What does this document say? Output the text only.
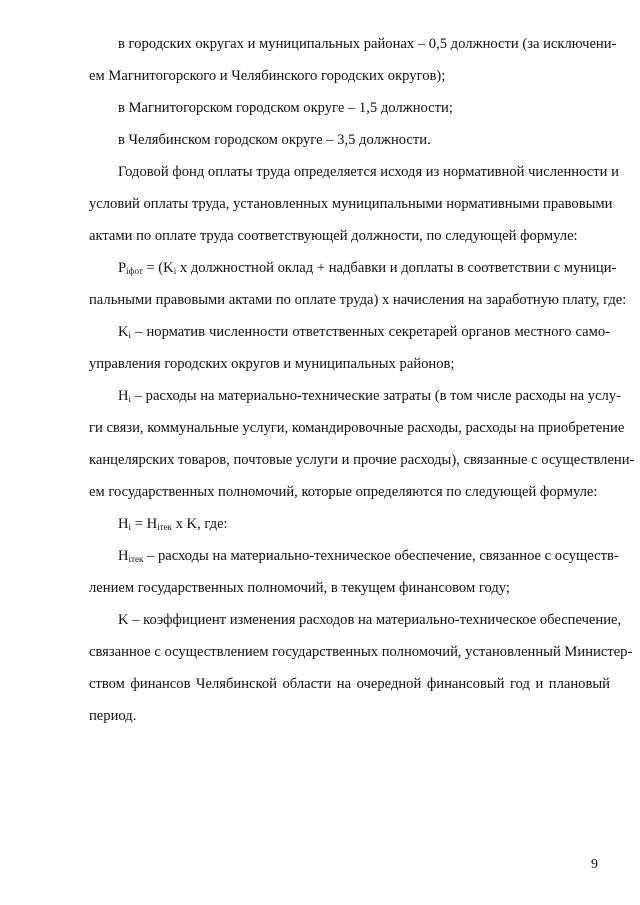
в городских округах и муниципальных районах – 0,5 должности (за исключени-
ем Магнитогорского и Челябинского городских округов);
в Магнитогорском городском округе – 1,5 должности;
в Челябинском городском округе – 3,5 должности.
Годовой фонд оплаты труда определяется исходя из нормативной численности и
условий оплаты труда, установленных муниципальными нормативными правовыми
актами по оплате труда соответствующей должности, по следующей формуле:
$P_{iфот} = (K_i$ x должностной оклад + надбавки и доплаты в соответствии с муници-
пальными правовыми актами по оплате труда) х начисления на заработную плату, где:
$K_i$ – норматив численности ответственных секретарей органов местного само-
управления городских округов и муниципальных районов;
$H_i$ – расходы на материально-технические затраты (в том числе расходы на услу-
ги связи, коммунальные услуги, командировочные расходы, расходы на приобретение
канцелярских товаров, почтовые услуги и прочие расходы), связанные с осуществлени-
ем государственных полномочий, которые определяются по следующей формуле:
$H_i = H_{iтек}$ x K, где:
$H_{iтек}$ – расходы на материально-техническое обеспечение, связанное с осуществ-
лением государственных полномочий, в текущем финансовом году;
K – коэффициент изменения расходов на материально-техническое обеспечение,
связанное с осуществлением государственных полномочий, установленный Министер-
ством финансов Челябинской области на очередной финансовый год и плановый
период.
9
